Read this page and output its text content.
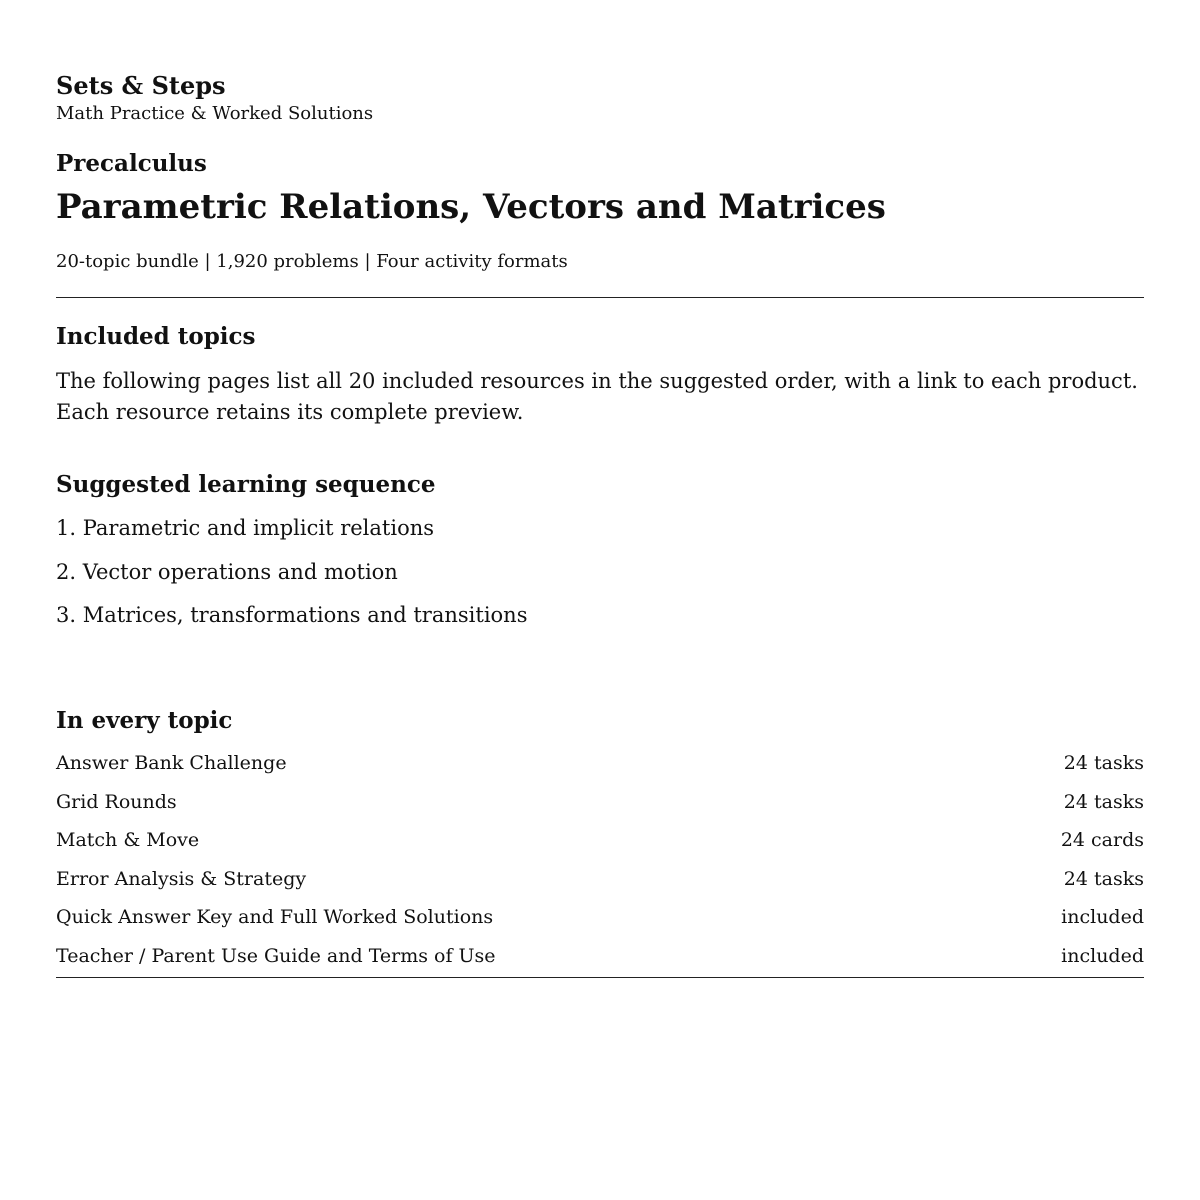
Sets & Steps

Math Practice & Worked Solutions

Precalculus

Parametric Relations, Vectors and Matrices

20-topic bundle | 1,920 problems | Four activity formats

Included topics

The following pages list all 20 included resources in the suggested order, with a link to each product. Each resource retains its complete preview.

Suggested learning sequence
1. Parametric and implicit relations
2. Vector operations and motion
3. Matrices, transformations and transitions
In every topic
Answer Bank Challenge	24 tasks
Grid Rounds	24 tasks
Match & Move	24 cards
Error Analysis & Strategy	24 tasks
Quick Answer Key and Full Worked Solutions	included
Teacher / Parent Use Guide and Terms of Use	included
